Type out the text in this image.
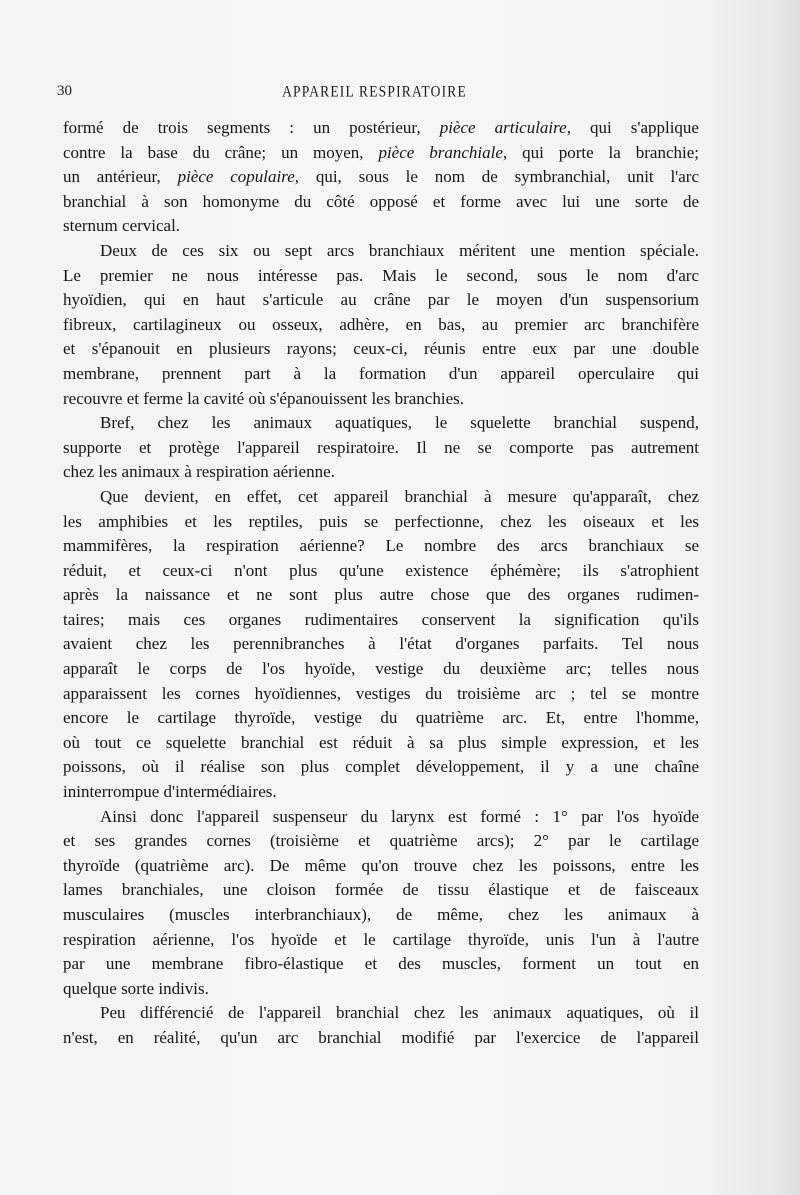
30	APPAREIL RESPIRATOIRE
formé de trois segments : un postérieur, pièce articulaire, qui s'applique
contre la base du crâne; un moyen, pièce branchiale, qui porte la branchie;
un antérieur, pièce copulaire, qui, sous le nom de symbranchial, unit l'arc
branchial à son homonyme du côté opposé et forme avec lui une sorte de
sternum cervical.
Deux de ces six ou sept arcs branchiaux méritent une mention spéciale.
Le premier ne nous intéresse pas. Mais le second, sous le nom d'arc
hyoïdien, qui en haut s'articule au crâne par le moyen d'un suspensorium
fibreux, cartilagineux ou osseux, adhère, en bas, au premier arc branchifère
et s'épanouit en plusieurs rayons; ceux-ci, réunis entre eux par une double
membrane, prennent part à la formation d'un appareil operculaire qui
recouvre et ferme la cavité où s'épanouissent les branchies.
Bref, chez les animaux aquatiques, le squelette branchial suspend,
supporte et protège l'appareil respiratoire. Il ne se comporte pas autrement
chez les animaux à respiration aérienne.
Que devient, en effet, cet appareil branchial à mesure qu'apparaît, chez
les amphibies et les reptiles, puis se perfectionne, chez les oiseaux et les
mammifères, la respiration aérienne? Le nombre des arcs branchiaux se
réduit, et ceux-ci n'ont plus qu'une existence éphémère; ils s'atrophient
après la naissance et ne sont plus autre chose que des organes rudimen-
taires; mais ces organes rudimentaires conservent la signification qu'ils
avaient chez les perennibranches à l'état d'organes parfaits. Tel nous
apparaît le corps de l'os hyoïde, vestige du deuxième arc; telles nous
apparaissent les cornes hyoïdiennes, vestiges du troisième arc ; tel se montre
encore le cartilage thyroïde, vestige du quatrième arc. Et, entre l'homme,
où tout ce squelette branchial est réduit à sa plus simple expression, et les
poissons, où il réalise son plus complet développement, il y a une chaîne
ininterrompue d'intermédiaires.
Ainsi donc l'appareil suspenseur du larynx est formé : 1° par l'os hyoïde
et ses grandes cornes (troisième et quatrième arcs); 2° par le cartilage
thyroïde (quatrième arc). De même qu'on trouve chez les poissons, entre les
lames branchiales, une cloison formée de tissu élastique et de faisceaux
musculaires (muscles interbranchiaux), de même, chez les animaux à
respiration aérienne, l'os hyoïde et le cartilage thyroïde, unis l'un à l'autre
par une membrane fibro-élastique et des muscles, forment un tout en
quelque sorte indivis.
Peu différencié de l'appareil branchial chez les animaux aquatiques, où il
n'est, en réalité, qu'un arc branchial modifié par l'exercice de l'appareil
